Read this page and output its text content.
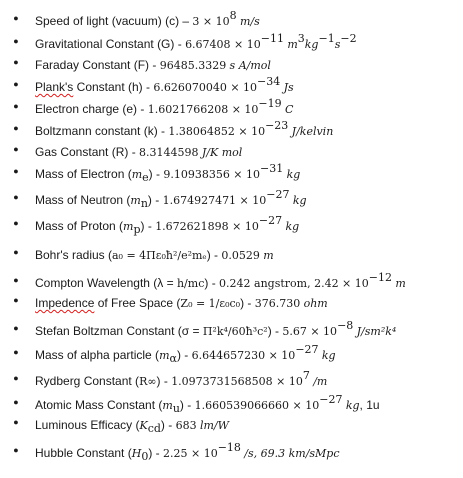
● Speed of light (vacuum) $(c) - 3 \times 10^8$ m/s
● Gravitational Constant $(G) - 6.67408 \times 10^{-11}$ $m^3kg^{-1}s^{-2}$
● Faraday Constant (F) - 96485.3329 s A/mol
● Plank's Constant $(h) - 6.626070040 \times 10^{-34}$ Js
● Electron charge $(e) - 1.6021766208 \times 10^{-19}$ C
● Boltzmann constant $(k) - 1.38064852 \times 10^{-23}$ J/kelvin
● Gas Constant (R) - 8.3144598 J/K mol
● Mass of Electron $(m_e) - 9.10938356 \times 10^{-31}$ kg
● Mass of Neutron $(m_n) - 1.674927471 \times 10^{-27}$ kg
● Mass of Proton $(m_p) - 1.672621898 \times 10^{-27}$ kg
● Bohr's radius (a₀ = 4Πε₀ħ²/e²mₑ) - 0.0529 m
● Compton Wavelength (λ = h/mc) - 0.242 angstrom, $2.42 \times 10^{-12}$ m
● Impedence of Free Space (Z₀ = 1/ε₀c₀) - 376.730 ohm
● Stefan Boltzman Constant (σ = Π²k⁴/60ħ³c²) - $5.67 \times 10^{-8}$ J/sm²k⁴
● Mass of alpha particle $(m_\alpha) - 6.644657230 \times 10^{-27}$ kg
● Rydberg Constant $(R\infty) - 1.0973731568508 \times 10^7$ /m
● Atomic Mass Constant $(m_u) - 1.660539066660 \times 10^{-27}$ kg, 1u
● Luminous Efficacy $(K_{cd}) - 683$ lm/W
● Hubble Constant $(H_0) - 2.25 \times 10^{-18}$ /s, 69.3 km/sMpc
